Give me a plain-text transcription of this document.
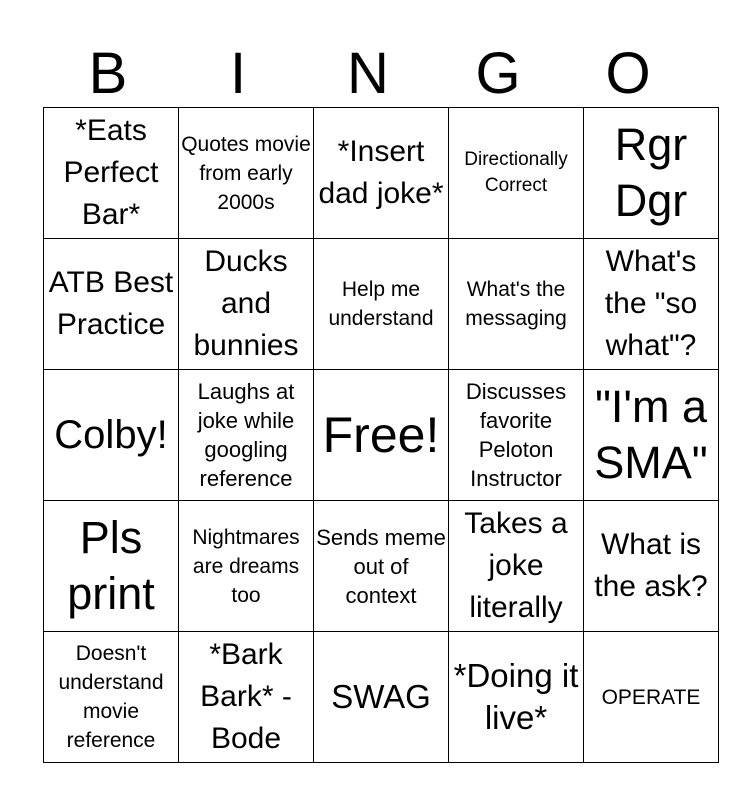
B	I	N	G	O
*Eats Perfect Bar*	Quotes movie from early 2000s	*Insert dad joke*	Directionally Correct	Rgr Dgr
ATB Best Practice	Ducks and bunnies	Help me understand	What's the messaging	What's the "so what"?
Colby!	Laughs at joke while googling reference	Free!	Discusses favorite Peloton Instructor	"I'm a SMA"
Pls print	Nightmares are dreams too	Sends meme out of context	Takes a joke literally	What is the ask?
Doesn't understand movie reference	*Bark Bark* - Bode	SWAG	*Doing it live*	OPERATE
